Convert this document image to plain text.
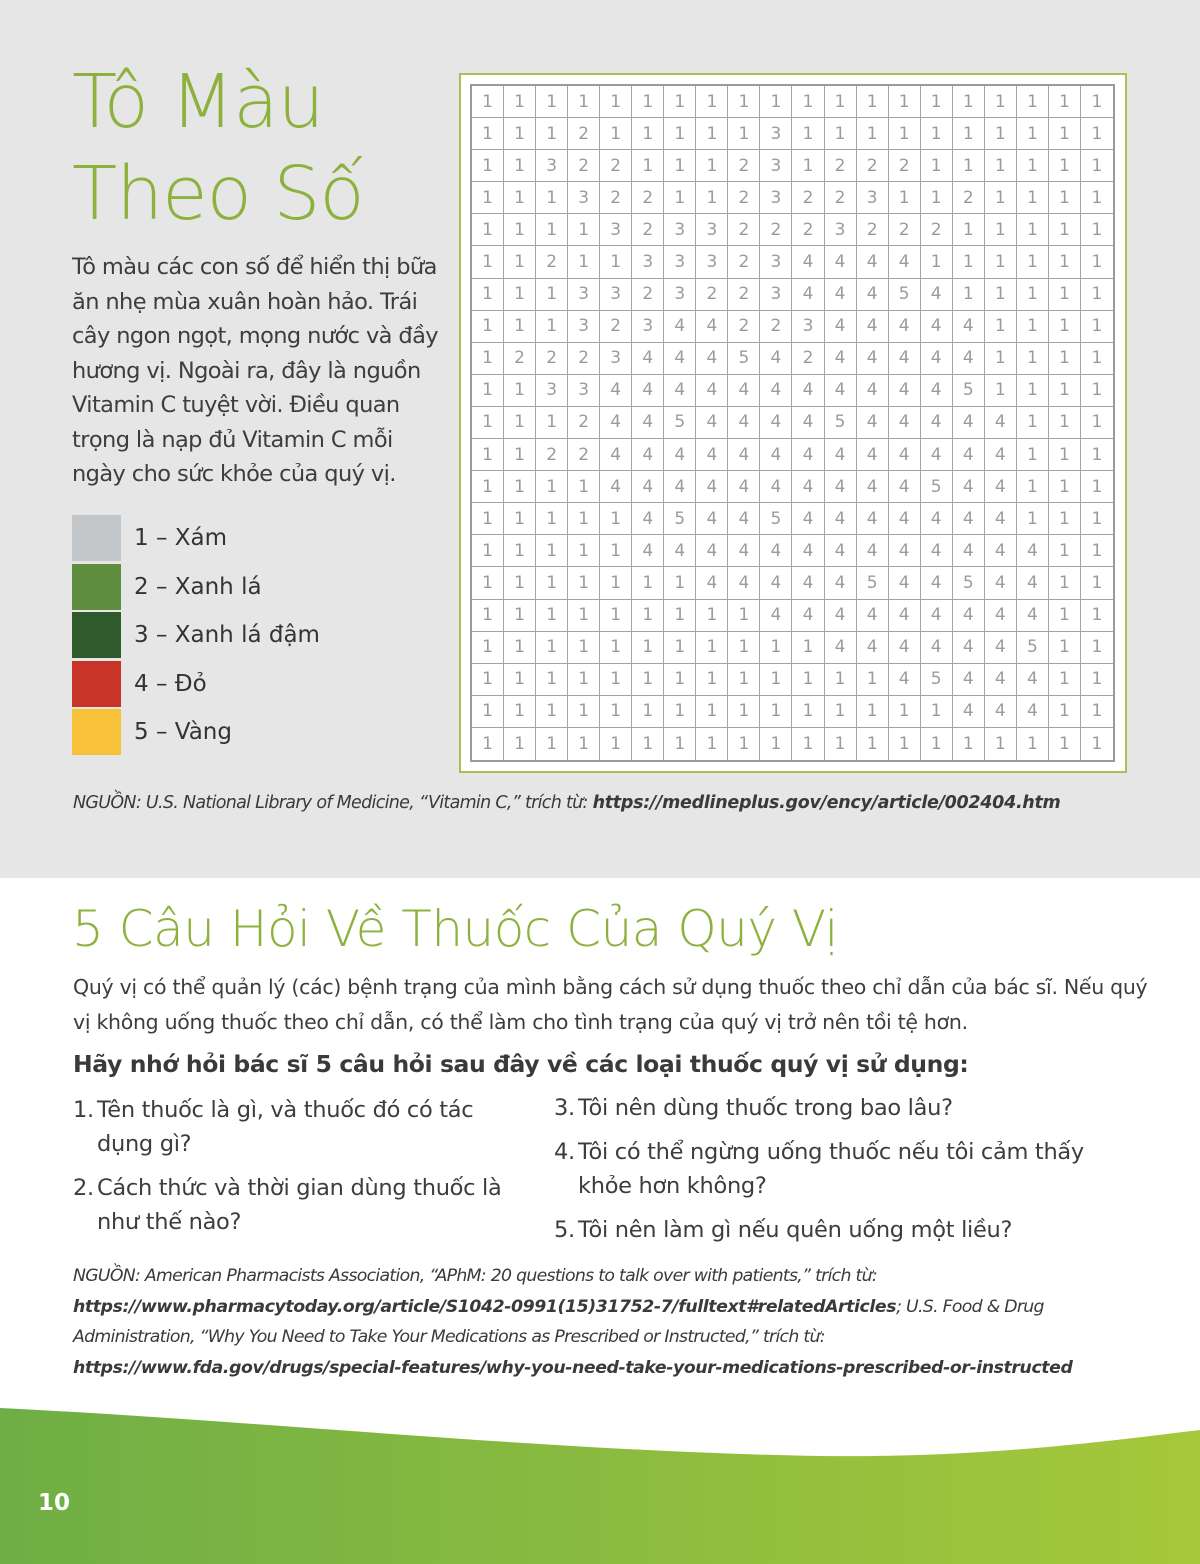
Tô Màu
Theo Số

Tô màu các con số để hiển thị bữa ăn nhẹ mùa xuân hoàn hảo. Trái cây ngon ngọt, mọng nước và đầy hương vị. Ngoài ra, đây là nguồn Vitamin C tuyệt vời. Điều quan trọng là nạp đủ Vitamin C mỗi ngày cho sức khỏe của quý vị.

1 – Xám
2 – Xanh lá
3 – Xanh lá đậm
4 – Đỏ
5 – Vàng
1	1	1	1	1	1	1	1	1	1	1	1	1	1	1	1	1	1	1	1
1	1	1	2	1	1	1	1	1	3	1	1	1	1	1	1	1	1	1	1
1	1	3	2	2	1	1	1	2	3	1	2	2	2	1	1	1	1	1	1
1	1	1	3	2	2	1	1	2	3	2	2	3	1	1	2	1	1	1	1
1	1	1	1	3	2	3	3	2	2	2	3	2	2	2	1	1	1	1	1
1	1	2	1	1	3	3	3	2	3	4	4	4	4	1	1	1	1	1	1
1	1	1	3	3	2	3	2	2	3	4	4	4	5	4	1	1	1	1	1
1	1	1	3	2	3	4	4	2	2	3	4	4	4	4	4	1	1	1	1
1	2	2	2	3	4	4	4	5	4	2	4	4	4	4	4	1	1	1	1
1	1	3	3	4	4	4	4	4	4	4	4	4	4	4	5	1	1	1	1
1	1	1	2	4	4	5	4	4	4	4	5	4	4	4	4	4	1	1	1
1	1	2	2	4	4	4	4	4	4	4	4	4	4	4	4	4	1	1	1
1	1	1	1	4	4	4	4	4	4	4	4	4	4	5	4	4	1	1	1
1	1	1	1	1	4	5	4	4	5	4	4	4	4	4	4	4	1	1	1
1	1	1	1	1	4	4	4	4	4	4	4	4	4	4	4	4	4	1	1
1	1	1	1	1	1	1	4	4	4	4	4	5	4	4	5	4	4	1	1
1	1	1	1	1	1	1	1	1	4	4	4	4	4	4	4	4	4	1	1
1	1	1	1	1	1	1	1	1	1	1	4	4	4	4	4	4	5	1	1
1	1	1	1	1	1	1	1	1	1	1	1	1	4	5	4	4	4	1	1
1	1	1	1	1	1	1	1	1	1	1	1	1	1	1	4	4	4	1	1
1	1	1	1	1	1	1	1	1	1	1	1	1	1	1	1	1	1	1	1

NGUỒN: U.S. National Library of Medicine, “Vitamin C,” trích từ: https://medlineplus.gov/ency/article/002404.htm

5 Câu Hỏi Về Thuốc Của Quý Vị

Quý vị có thể quản lý (các) bệnh trạng của mình bằng cách sử dụng thuốc theo chỉ dẫn của bác sĩ. Nếu quý vị không uống thuốc theo chỉ dẫn, có thể làm cho tình trạng của quý vị trở nên tồi tệ hơn.

Hãy nhớ hỏi bác sĩ 5 câu hỏi sau đây về các loại thuốc quý vị sử dụng:

1. Tên thuốc là gì, và thuốc đó có tác dụng gì?
2. Cách thức và thời gian dùng thuốc là như thế nào?
3. Tôi nên dùng thuốc trong bao lâu?
4. Tôi có thể ngừng uống thuốc nếu tôi cảm thấy khỏe hơn không?
5. Tôi nên làm gì nếu quên uống một liều?

NGUỒN: American Pharmacists Association, “APhM: 20 questions to talk over with patients,” trích từ: https://www.pharmacytoday.org/article/S1042-0991(15)31752-7/fulltext#relatedArticles; U.S. Food & Drug Administration, “Why You Need to Take Your Medications as Prescribed or Instructed,” trích từ: https://www.fda.gov/drugs/special-features/why-you-need-take-your-medications-prescribed-or-instructed

10
